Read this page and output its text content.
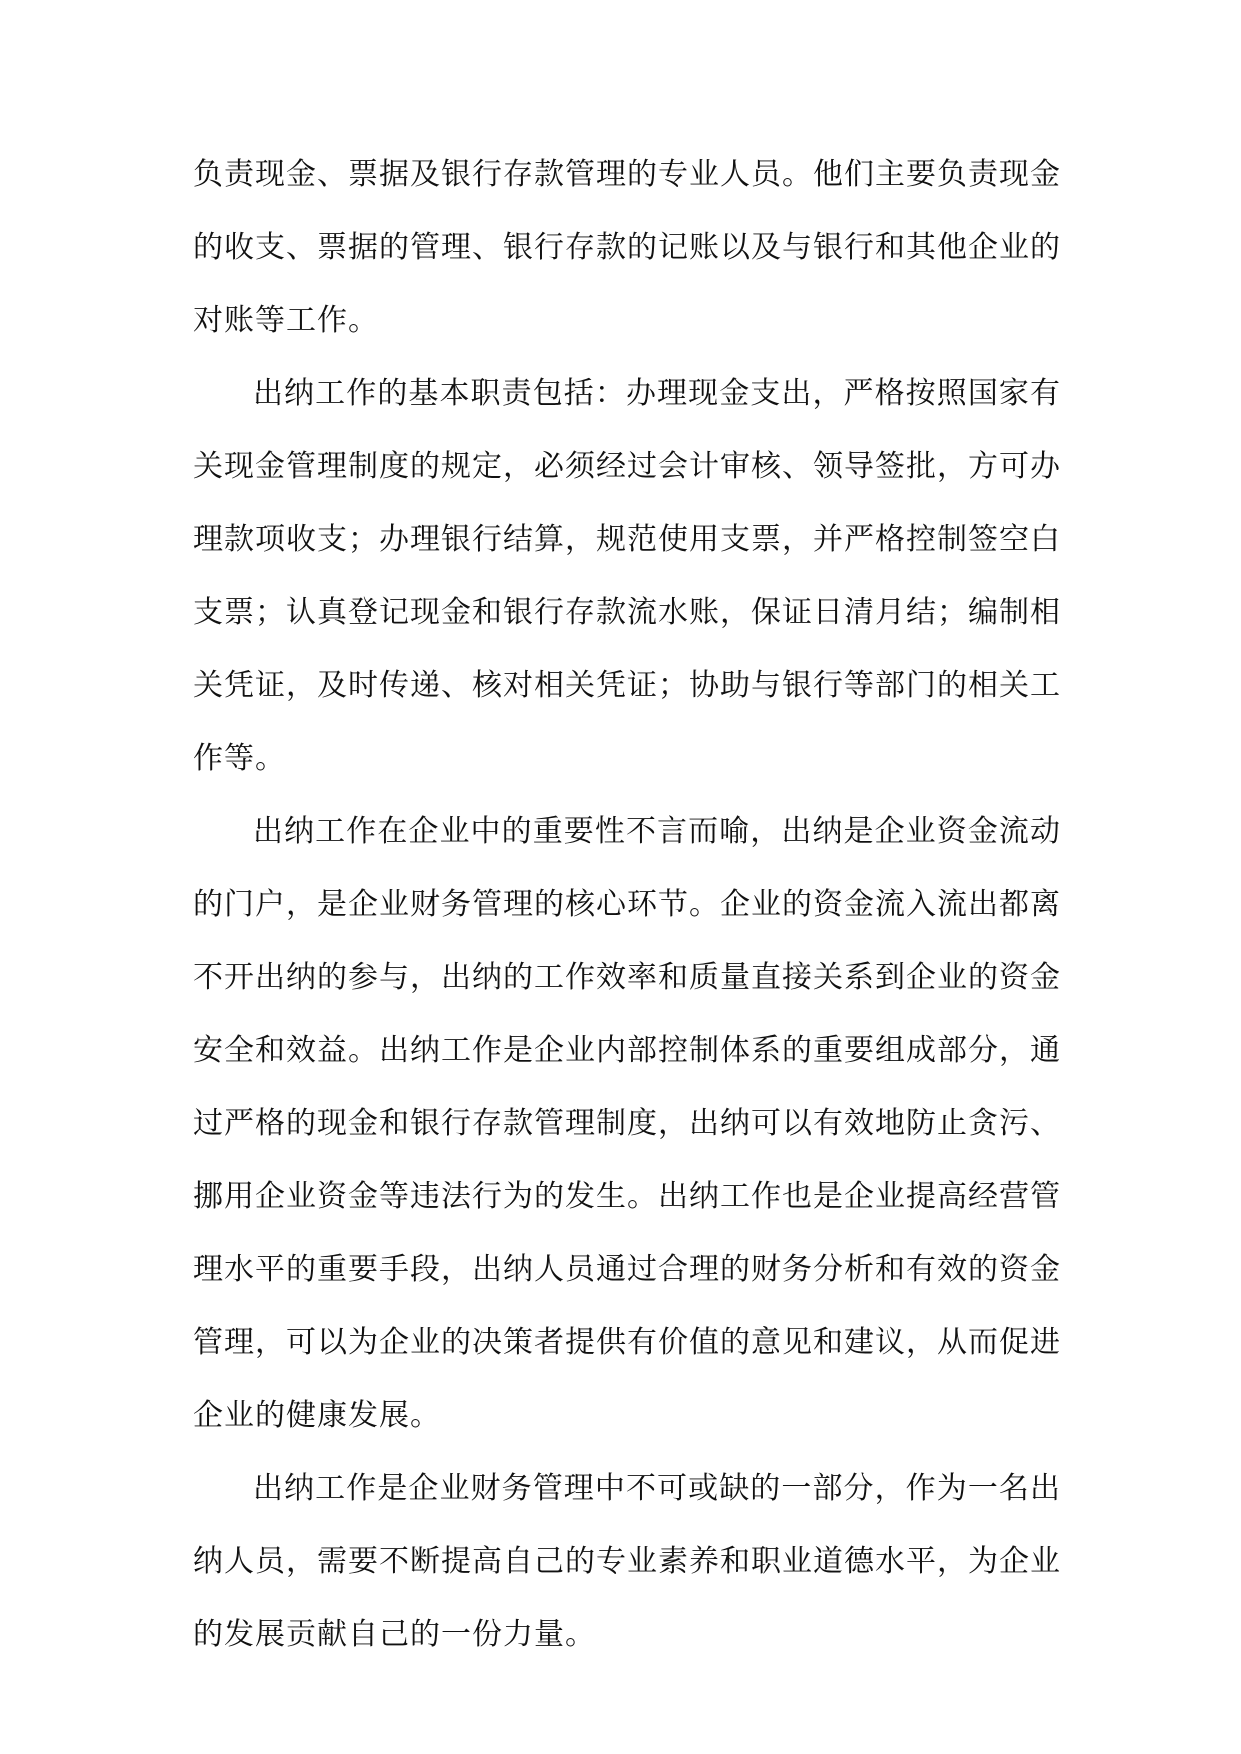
负责现金、票据及银行存款管理的专业人员。他们主要负责现金的收支、票据的管理、银行存款的记账以及与银行和其他企业的对账等工作。

出纳工作的基本职责包括：办理现金支出，严格按照国家有关现金管理制度的规定，必须经过会计审核、领导签批，方可办理款项收支；办理银行结算，规范使用支票，并严格控制签空白支票；认真登记现金和银行存款流水账，保证日清月结；编制相关凭证，及时传递、核对相关凭证；协助与银行等部门的相关工作等。

出纳工作在企业中的重要性不言而喻，出纳是企业资金流动的门户，是企业财务管理的核心环节。企业的资金流入流出都离不开出纳的参与，出纳的工作效率和质量直接关系到企业的资金安全和效益。出纳工作是企业内部控制体系的重要组成部分，通过严格的现金和银行存款管理制度，出纳可以有效地防止贪污、挪用企业资金等违法行为的发生。出纳工作也是企业提高经营管理水平的重要手段，出纳人员通过合理的财务分析和有效的资金管理，可以为企业的决策者提供有价值的意见和建议，从而促进企业的健康发展。

出纳工作是企业财务管理中不可或缺的一部分，作为一名出纳人员，需要不断提高自己的专业素养和职业道德水平，为企业的发展贡献自己的一份力量。
